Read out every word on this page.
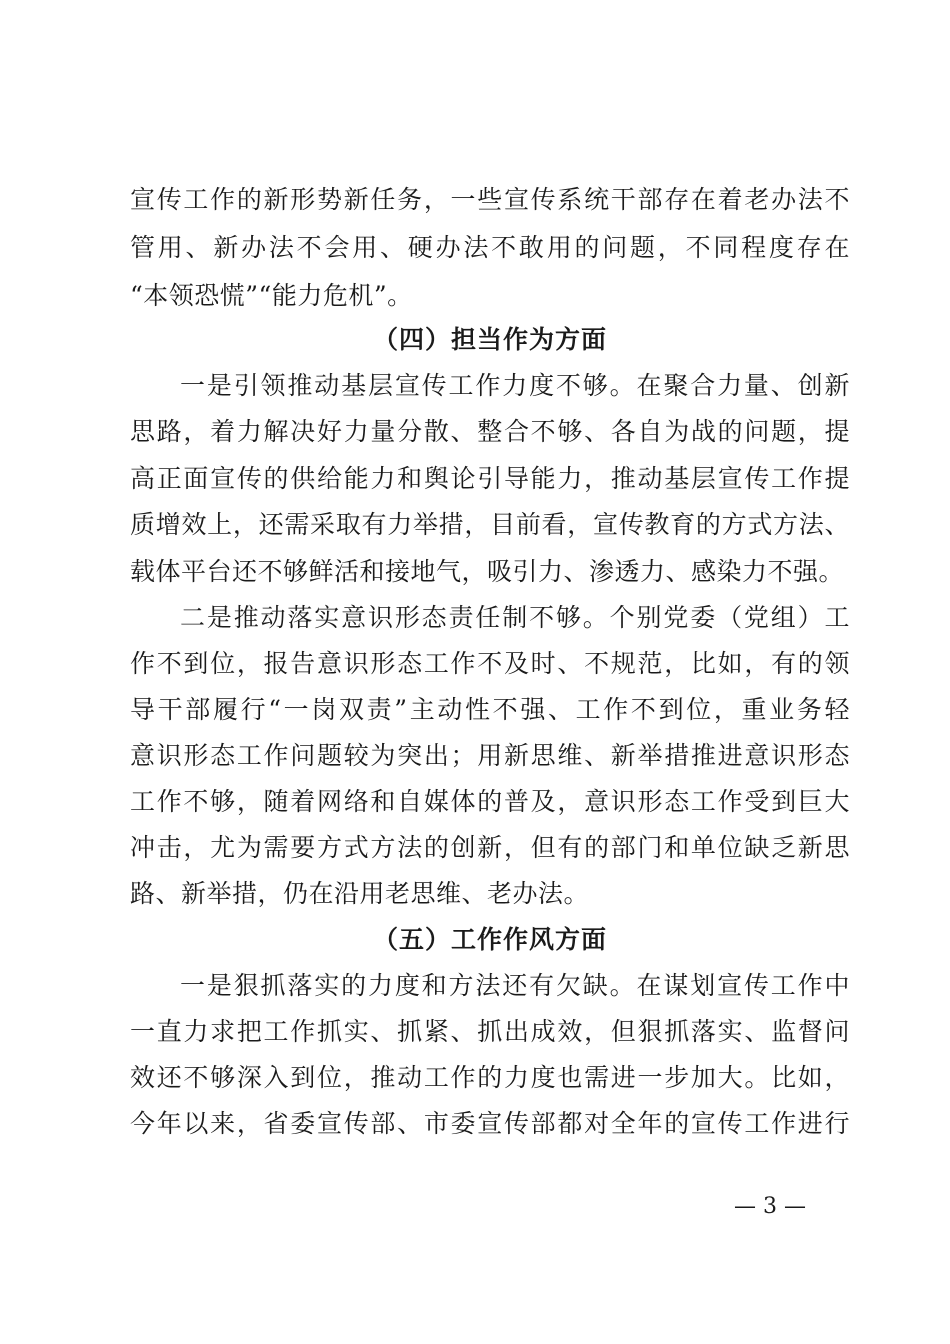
宣传工作的新形势新任务，一些宣传系统干部存在着老办法不
管用、新办法不会用、硬办法不敢用的问题，不同程度存在
“本领恐慌”“能力危机”。
（四）担当作为方面
一是引领推动基层宣传工作力度不够。在聚合力量、创新
思路，着力解决好力量分散、整合不够、各自为战的问题，提
高正面宣传的供给能力和舆论引导能力，推动基层宣传工作提
质增效上，还需采取有力举措，目前看，宣传教育的方式方法、
载体平台还不够鲜活和接地气，吸引力、渗透力、感染力不强。
二是推动落实意识形态责任制不够。个别党委（党组）工
作不到位，报告意识形态工作不及时、不规范，比如，有的领
导干部履行“一岗双责”主动性不强、工作不到位，重业务轻
意识形态工作问题较为突出；用新思维、新举措推进意识形态
工作不够，随着网络和自媒体的普及，意识形态工作受到巨大
冲击，尤为需要方式方法的创新，但有的部门和单位缺乏新思
路、新举措，仍在沿用老思维、老办法。
（五）工作作风方面
一是狠抓落实的力度和方法还有欠缺。在谋划宣传工作中
一直力求把工作抓实、抓紧、抓出成效，但狠抓落实、监督问
效还不够深入到位，推动工作的力度也需进一步加大。比如，
今年以来，省委宣传部、市委宣传部都对全年的宣传工作进行
— 3 —
